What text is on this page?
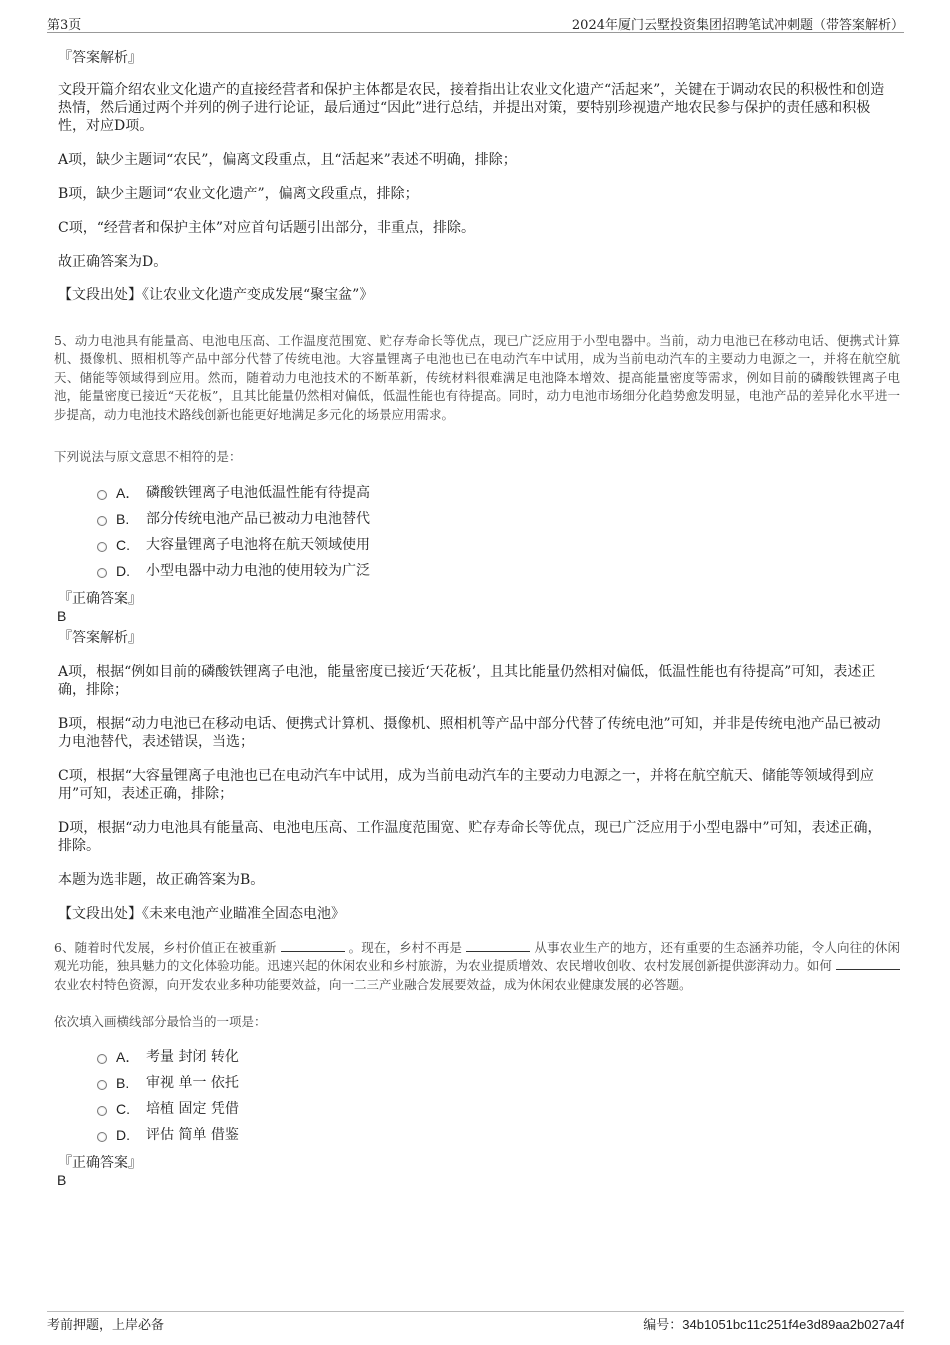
第3页	2024年厦门云墅投资集团招聘笔试冲刺题（带答案解析）
『答案解析』
文段开篇介绍农业文化遗产的直接经营者和保护主体都是农民，接着指出让农业文化遗产“活起来”，关键在于调动农民的积极性和创造热情，然后通过两个并列的例子进行论证，最后通过“因此”进行总结，并提出对策，要特别珍视遗产地农民参与保护的责任感和积极性，对应D项。
A项，缺少主题词“农民”，偏离文段重点，且“活起来”表述不明确，排除；
B项，缺少主题词“农业文化遗产”，偏离文段重点，排除；
C项，“经营者和保护主体”对应首句话题引出部分，非重点，排除。
故正确答案为D。
【文段出处】《让农业文化遗产变成发展“聚宝盆”》
5、动力电池具有能量高、电池电压高、工作温度范围宽、贮存寿命长等优点，现已广泛应用于小型电器中。当前，动力电池已在移动电话、便携式计算机、摄像机、照相机等产品中部分代替了传统电池。大容量锂离子电池也已在电动汽车中试用，成为当前电动汽车的主要动力电源之一，并将在航空航天、储能等领域得到应用。然而，随着动力电池技术的不断革新，传统材料很难满足电池降本增效、提高能量密度等需求，例如目前的磷酸铁锂离子电池，能量密度已接近“天花板”，且其比能量仍然相对偏低，低温性能也有待提高。同时，动力电池市场细分化趋势愈发明显，电池产品的差异化水平进一步提高，动力电池技术路线创新也能更好地满足多元化的场景应用需求。
下列说法与原文意思不相符的是：
A． 磷酸铁锂离子电池低温性能有待提高
B.	部分传统电池产品已被动力电池替代
C.	大容量锂离子电池将在航天领域使用
D.	小型电器中动力电池的使用较为广泛
『正确答案』
B
『答案解析』
A项，根据“例如目前的磷酸铁锂离子电池，能量密度已接近‘天花板’，且其比能量仍然相对偏低，低温性能也有待提高”可知，表述正确，排除；
B项，根据“动力电池已在移动电话、便携式计算机、摄像机、照相机等产品中部分代替了传统电池”可知，并非是传统电池产品已被动力电池替代，表述错误，当选；
C项，根据“大容量锂离子电池也已在电动汽车中试用，成为当前电动汽车的主要动力电源之一，并将在航空航天、储能等领域得到应用”可知，表述正确，排除；
D项，根据“动力电池具有能量高、电池电压高、工作温度范围宽、贮存寿命长等优点，现已广泛应用于小型电器中”可知，表述正确，排除。
本题为选非题，故正确答案为B。
【文段出处】《未来电池产业瞄准全固态电池》
6、随着时代发展，乡村价值正在被重新	。现在，乡村不再是	从事农业生产的地方，还有重要的生态涵养功能，令人向往的休闲观光功能，独具魅力的文化体验功能。迅速兴起的休闲农业和乡村旅游，为农业提质增效、农民增收创收、农村发展创新提供澎湃动力。如何  农业农村特色资源，向开发农业多种功能要效益，向一二三产业融合发展要效益，成为休闲农业健康发展的必答题。
依次填入画横线部分最恰当的一项是：
A． 考量 封闭 转化
B.	审视 单一 依托
C.	培植 固定 凭借
D.	评估 简单 借鉴
『正确答案』
B
考前押题，上岸必备	编号：34b1051bc11c251f4e3d89aa2b027a4f
